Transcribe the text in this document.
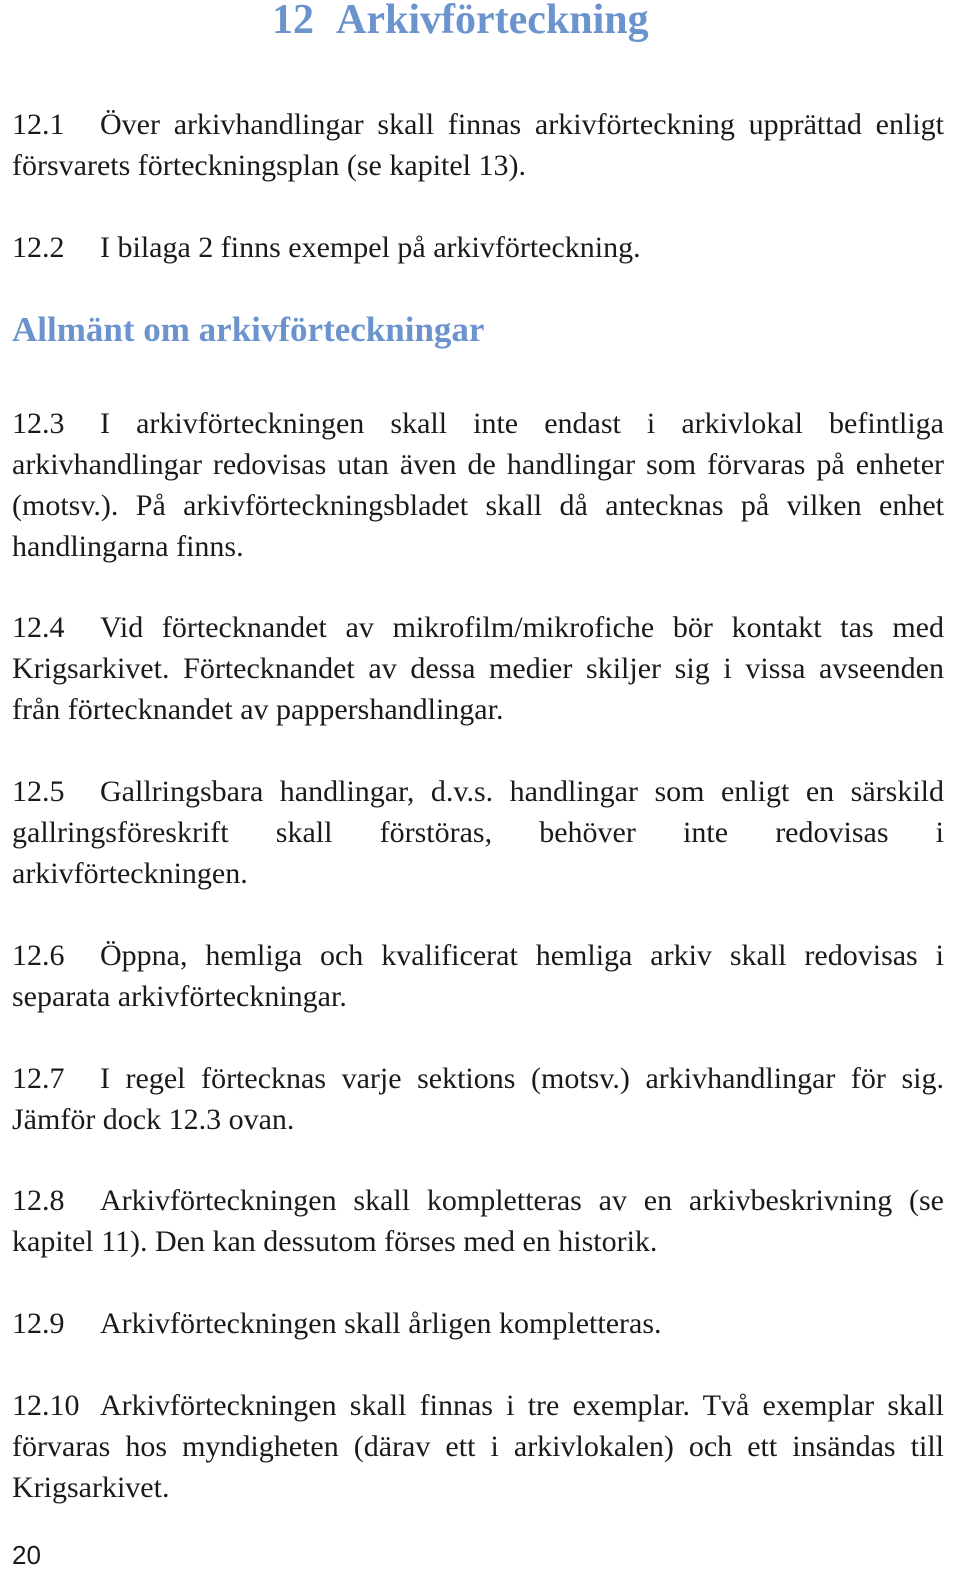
12 Arkivförteckning

12.1 Över arkivhandlingar skall finnas arkivförteckning upprättad enligt försvarets förteckningsplan (se kapitel 13).

12.2 I bilaga 2 finns exempel på arkivförteckning.

Allmänt om arkivförteckningar

12.3 I arkivförteckningen skall inte endast i arkivlokal befintliga arkivhandlingar redovisas utan även de handlingar som förvaras på enheter (motsv.). På arkivförteckningsbladet skall då antecknas på vilken enhet handlingarna finns.

12.4 Vid förtecknandet av mikrofilm/mikrofiche bör kontakt tas med Krigsarkivet. Förtecknandet av dessa medier skiljer sig i vissa avseenden från förtecknandet av pappershandlingar.

12.5 Gallringsbara handlingar, d.v.s. handlingar som enligt en särskild gallringsföreskrift skall förstöras, behöver inte redovisas i arkivförteckningen.

12.6 Öppna, hemliga och kvalificerat hemliga arkiv skall redovisas i separata arkivförteckningar.

12.7 I regel förtecknas varje sektions (motsv.) arkivhandlingar för sig. Jämför dock 12.3 ovan.

12.8 Arkivförteckningen skall kompletteras av en arkivbeskrivning (se kapitel 11). Den kan dessutom förses med en historik.

12.9 Arkivförteckningen skall årligen kompletteras.

12.10 Arkivförteckningen skall finnas i tre exemplar. Två exemplar skall förvaras hos myndigheten (därav ett i arkivlokalen) och ett insändas till Krigsarkivet.

20
